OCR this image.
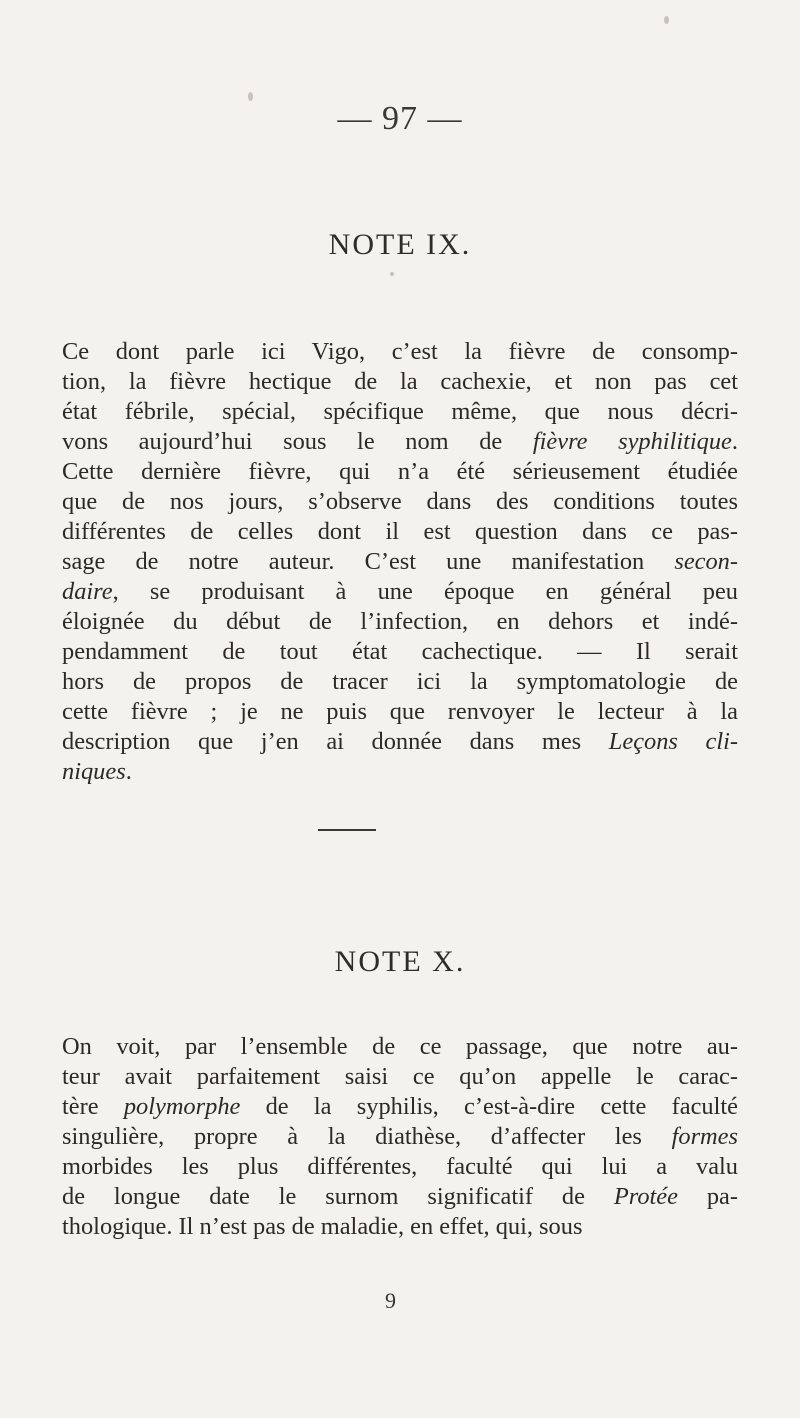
— 97 —
NOTE IX.
Ce dont parle ici Vigo, c’est la fièvre de consomp-
tion, la fièvre hectique de la cachexie, et non pas cet
état fébrile, spécial, spécifique même, que nous décri-
vons aujourd’hui sous le nom de fièvre syphilitique.
Cette dernière fièvre, qui n’a été sérieusement étudiée
que de nos jours, s’observe dans des conditions toutes
différentes de celles dont il est question dans ce pas-
sage de notre auteur. C’est une manifestation secon-
daire, se produisant à une époque en général peu
éloignée du début de l’infection, en dehors et indé-
pendamment de tout état cachectique. — Il serait
hors de propos de tracer ici la symptomatologie de
cette fièvre ; je ne puis que renvoyer le lecteur à la
description que j’en ai donnée dans mes Leçons cli-
niques.
NOTE X.
On voit, par l’ensemble de ce passage, que notre au-
teur avait parfaitement saisi ce qu’on appelle le carac-
tère polymorphe de la syphilis, c’est-à-dire cette faculté
singulière, propre à la diathèse, d’affecter les formes
morbides les plus différentes, faculté qui lui a valu
de longue date le surnom significatif de Protée pa-
thologique. Il n’est pas de maladie, en effet, qui, sous
9
